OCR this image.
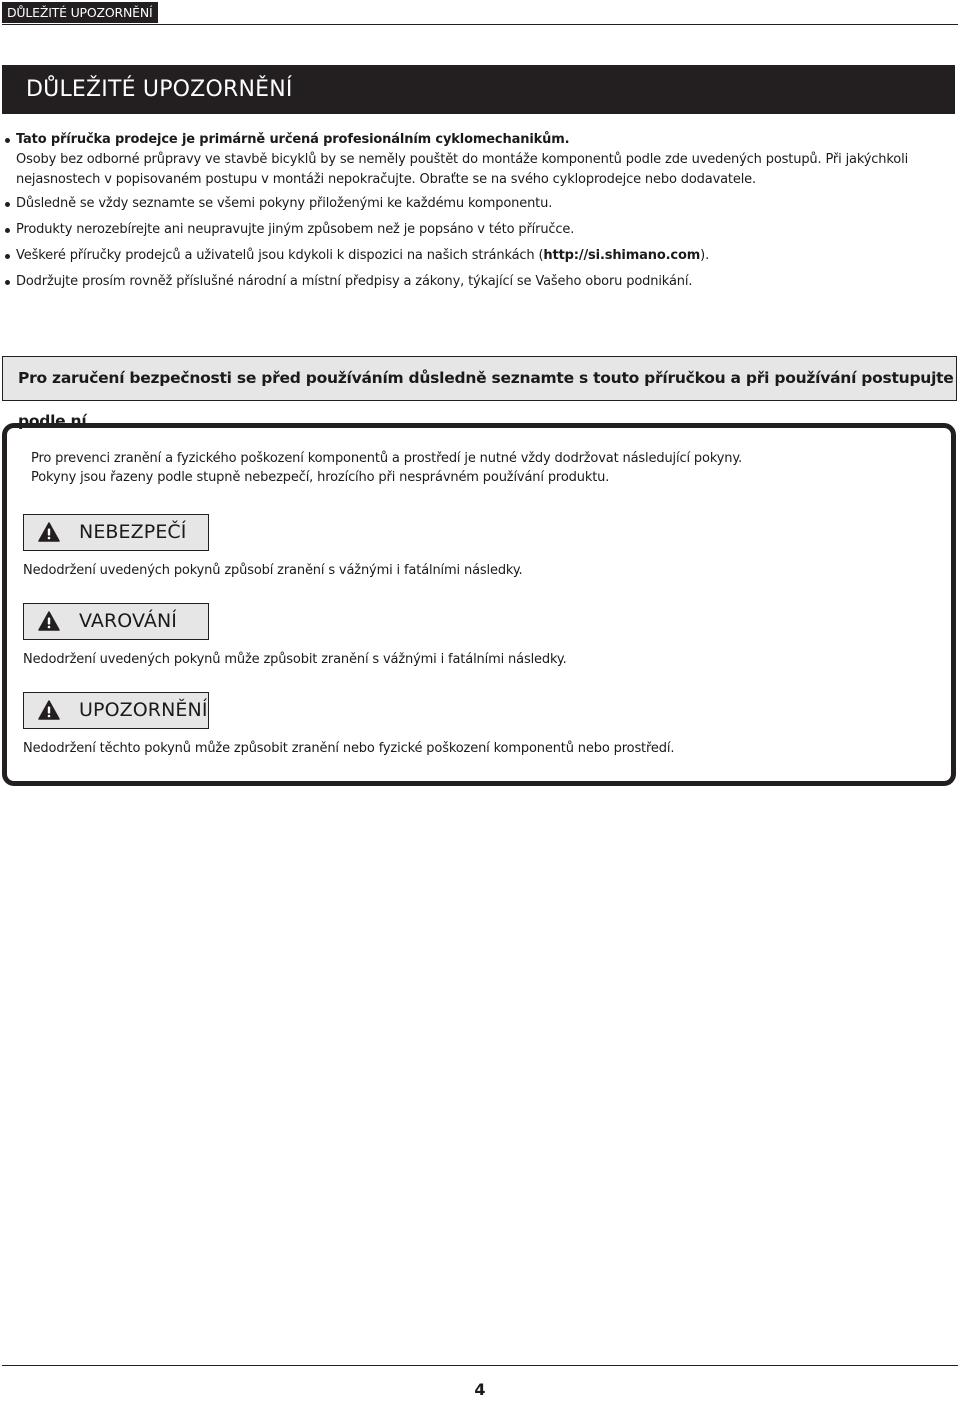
DŮLEŽITÉ UPOZORNĚNÍ
DŮLEŽITÉ UPOZORNĚNÍ
Tato příručka prodejce je primárně určená profesionálním cyklomechanikům.
Osoby bez odborné průpravy ve stavbě bicyklů by se neměly pouštět do montáže komponentů podle zde uvedených postupů. Při jakýchkoli
nejasnostech v popisovaném postupu v montáži nepokračujte. Obraťte se na svého cykloprodejce nebo dodavatele.
Důsledně se vždy seznamte se všemi pokyny přiloženými ke každému komponentu.
Produkty nerozebírejte ani neupravujte jiným způsobem než je popsáno v této příručce.
Veškeré příručky prodejců a uživatelů jsou kdykoli k dispozici na našich stránkách (http://si.shimano.com).
Dodržujte prosím rovněž příslušné národní a místní předpisy a zákony, týkající se Vašeho oboru podnikání.
Pro zaručení bezpečnosti se před používáním důsledně seznamte s touto příručkou a při používání postupujte podle ní.
Pro prevenci zranění a fyzického poškození komponentů a prostředí je nutné vždy dodržovat následující pokyny.
Pokyny jsou řazeny podle stupně nebezpečí, hrozícího při nesprávném používání produktu.
NEBEZPEČÍ
Nedodržení uvedených pokynů způsobí zranění s vážnými i fatálními následky.
VAROVÁNÍ
Nedodržení uvedených pokynů může způsobit zranění s vážnými i fatálními následky.
UPOZORNĚNÍ
Nedodržení těchto pokynů může způsobit zranění nebo fyzické poškození komponentů nebo prostředí.
4
